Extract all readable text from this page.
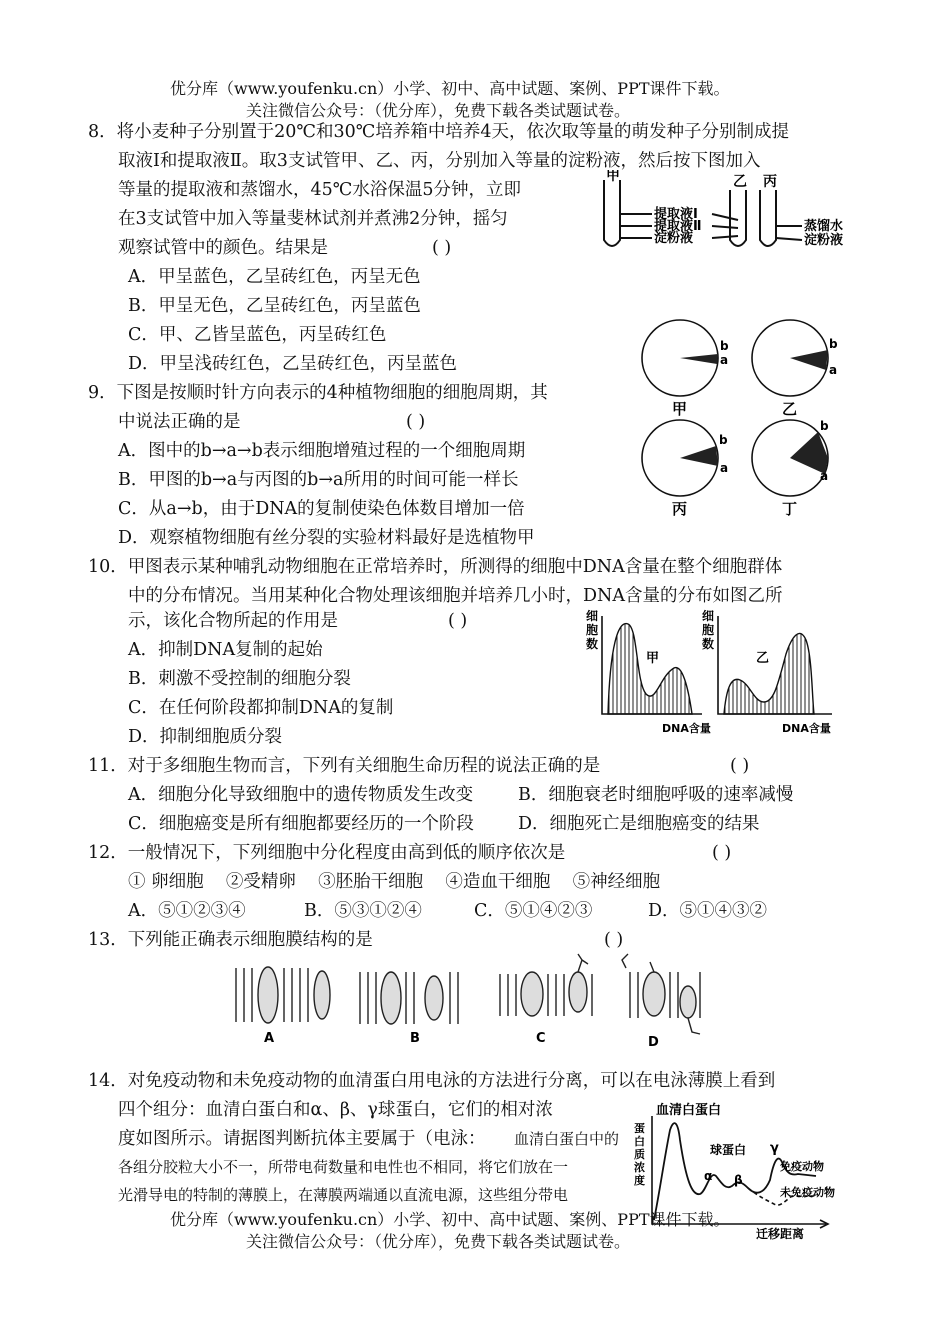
优分库（www.youfenku.cn）小学、初中、高中试题、案例、PPT课件下载。
关注微信公众号：（优分库），免费下载各类试题试卷。
8．将小麦种子分别置于20℃和30℃培养箱中培养4天，依次取等量的萌发种子分别制成提
取液Ⅰ和提取液Ⅱ。取3支试管甲、乙、丙，分别加入等量的淀粉液，然后按下图加入
等量的提取液和蒸馏水，45℃水浴保温5分钟，立即
在3支试管中加入等量斐林试剂并煮沸2分钟，摇匀
观察试管中的颜色。结果是	( )
A．甲呈蓝色，乙呈砖红色，丙呈无色
B．甲呈无色，乙呈砖红色，丙呈蓝色
C．甲、乙皆呈蓝色，丙呈砖红色
D．甲呈浅砖红色，乙呈砖红色，丙呈蓝色
甲	乙 丙
提取液Ⅰ
提取液Ⅱ
淀粉液
蒸馏水
淀粉液
9．下图是按顺时针方向表示的4种植物细胞的细胞周期，其
中说法正确的是	( )
A．图中的b→a→b表示细胞增殖过程的一个细胞周期
B．甲图的b→a与丙图的b→a所用的时间可能一样长
C．从a→b，由于DNA的复制使染色体数目增加一倍
D．观察植物细胞有丝分裂的实验材料最好是选植物甲
b
a
b
a
b
a
b
a
甲	乙
丙	丁
10．甲图表示某种哺乳动物细胞在正常培养时，所测得的细胞中DNA含量在整个细胞群体
中的分布情况。当用某种化合物处理该细胞并培养几小时，DNA含量的分布如图乙所
示，该化合物所起的作用是	( )
A．抑制DNA复制的起始
B．刺激不受控制的细胞分裂
C．在任何阶段都抑制DNA的复制
D．抑制细胞质分裂
细
胞
数
细
胞
数
DNA含量	DNA含量
甲	乙
11．对于多细胞生物而言，下列有关细胞生命历程的说法正确的是	( )
A．细胞分化导致细胞中的遗传物质发生改变	B．细胞衰老时细胞呼吸的速率减慢
C．细胞癌变是所有细胞都要经历的一个阶段	D．细胞死亡是细胞癌变的结果
12．一般情况下，下列细胞中分化程度由高到低的顺序依次是	( )
① 卵细胞    ②受精卵    ③胚胎干细胞    ④造血干细胞    ⑤神经细胞
A．⑤①②③④	B．⑤③①②④	C．⑤①④②③	D．⑤①④③②
13．下列能正确表示细胞膜结构的是	( )
A	B	C	D
14．对免疫动物和未免疫动物的血清蛋白用电泳的方法进行分离，可以在电泳薄膜上看到
四个组分：血清白蛋白和α、β、γ球蛋白，它们的相对浓
度如图所示。请据图判断抗体主要属于（电泳： 血清白蛋白中的
各组分胶粒大小不一，所带电荷数量和电性也不相同，将它们放在一
光滑导电的特制的薄膜上，在薄膜两端通以直流电源，这些组分带电
血清白蛋白
球蛋白 γ
α β
免疫动物
未免疫动物
迁移距离
蛋
白
质
浓
度
优分库（www.youfenku.cn）小学、初中、高中试题、案例、PPT课件下载。
关注微信公众号：（优分库），免费下载各类试题试卷。
